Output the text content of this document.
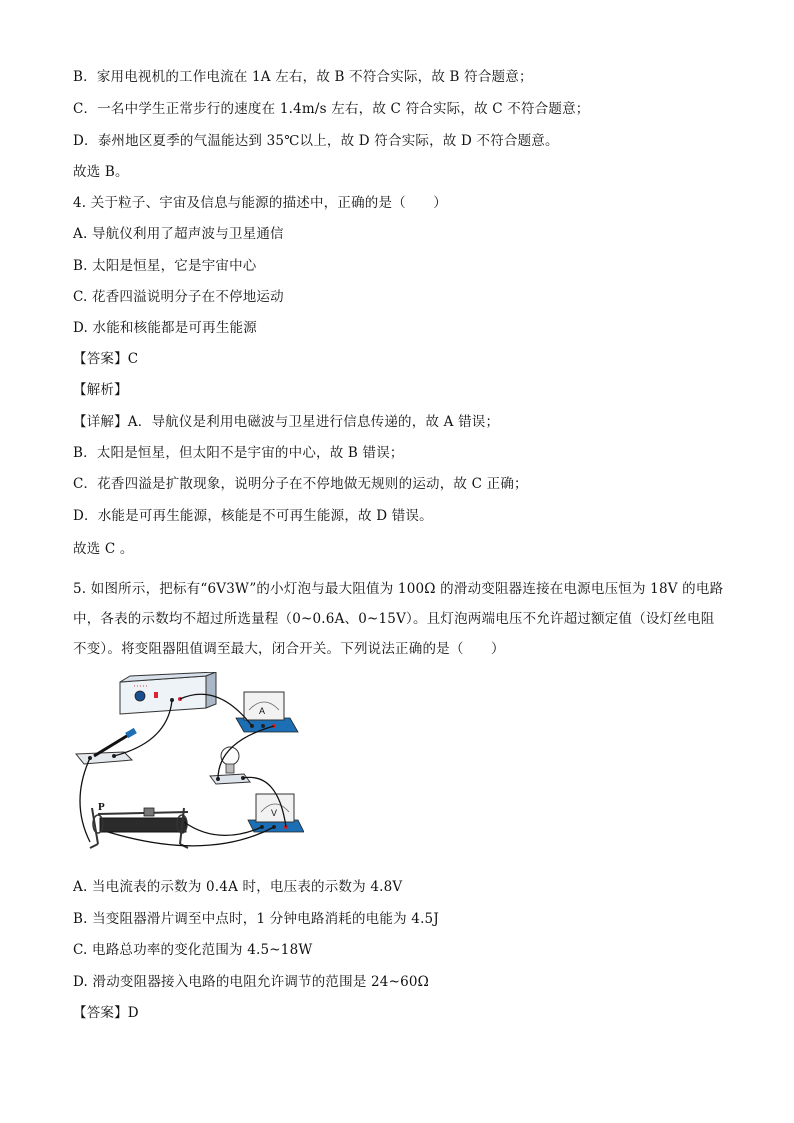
B．家用电视机的工作电流在 1A 左右，故 B 不符合实际，故 B 符合题意；
C．一名中学生正常步行的速度在 1.4m/s 左右，故 C 符合实际，故 C 不符合题意；
D．泰州地区夏季的气温能达到 35℃以上，故 D 符合实际，故 D 不符合题意。
故选 B。
4. 关于粒子、宇宙及信息与能源的描述中，正确的是（　　）
A. 导航仪利用了超声波与卫星通信
B. 太阳是恒星，它是宇宙中心
C. 花香四溢说明分子在不停地运动
D. 水能和核能都是可再生能源
【答案】C
【解析】
【详解】A．导航仪是利用电磁波与卫星进行信息传递的，故 A 错误；
B．太阳是恒星，但太阳不是宇宙的中心，故 B 错误；
C．花香四溢是扩散现象，说明分子在不停地做无规则的运动，故 C 正确；
D．水能是可再生能源，核能是不可再生能源，故 D 错误。
故选 C 。
5. 如图所示，把标有“6V3W”的小灯泡与最大阻值为 100Ω 的滑动变阻器连接在电源电压恒为 18V 的电路
中，各表的示数均不超过所选量程（0~0.6A、0~15V）。且灯泡两端电压不允许超过额定值（设灯丝电阻
不变）。将变阻器阻值调至最大，闭合开关。下列说法正确的是（　　）
A
V
P
A. 当电流表的示数为 0.4A 时，电压表的示数为 4.8V
B. 当变阻器滑片调至中点时，1 分钟电路消耗的电能为 4.5J
C. 电路总功率的变化范围为 4.5~18W
D. 滑动变阻器接入电路的电阻允许调节的范围是 24~60Ω
【答案】D
